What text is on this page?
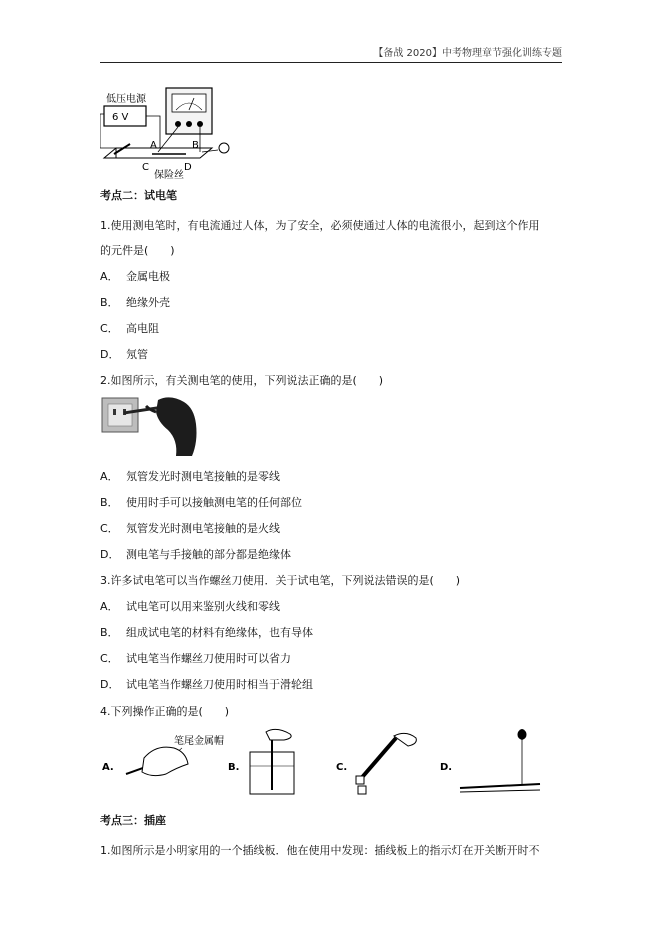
【备战 2020】中考物理章节强化训练专题
低压电源
6 V
A	B
C	D
保险丝
考点二：试电笔
1.使用测电笔时，有电流通过人体，为了安全，必须使通过人体的电流很小，起到这个作用
的元件是(　　)
A． 金属电极
B． 绝缘外壳
C． 高电阻
D． 氖管
2.如图所示，有关测电笔的使用，下列说法正确的是(　　)
A． 氖管发光时测电笔接触的是零线
B． 使用时手可以接触测电笔的任何部位
C． 氖管发光时测电笔接触的是火线
D． 测电笔与手接触的部分都是绝缘体
3.许多试电笔可以当作螺丝刀使用．关于试电笔，下列说法错误的是(　　)
A． 试电笔可以用来鉴别火线和零线
B． 组成试电笔的材料有绝缘体，也有导体
C． 试电笔当作螺丝刀使用时可以省力
D． 试电笔当作螺丝刀使用时相当于滑轮组
4.下列操作正确的是(　　)
A.
笔尾金属帽
B.	C.	D.
考点三：插座
1.如图所示是小明家用的一个插线板．他在使用中发现：插线板上的指示灯在开关断开时不
